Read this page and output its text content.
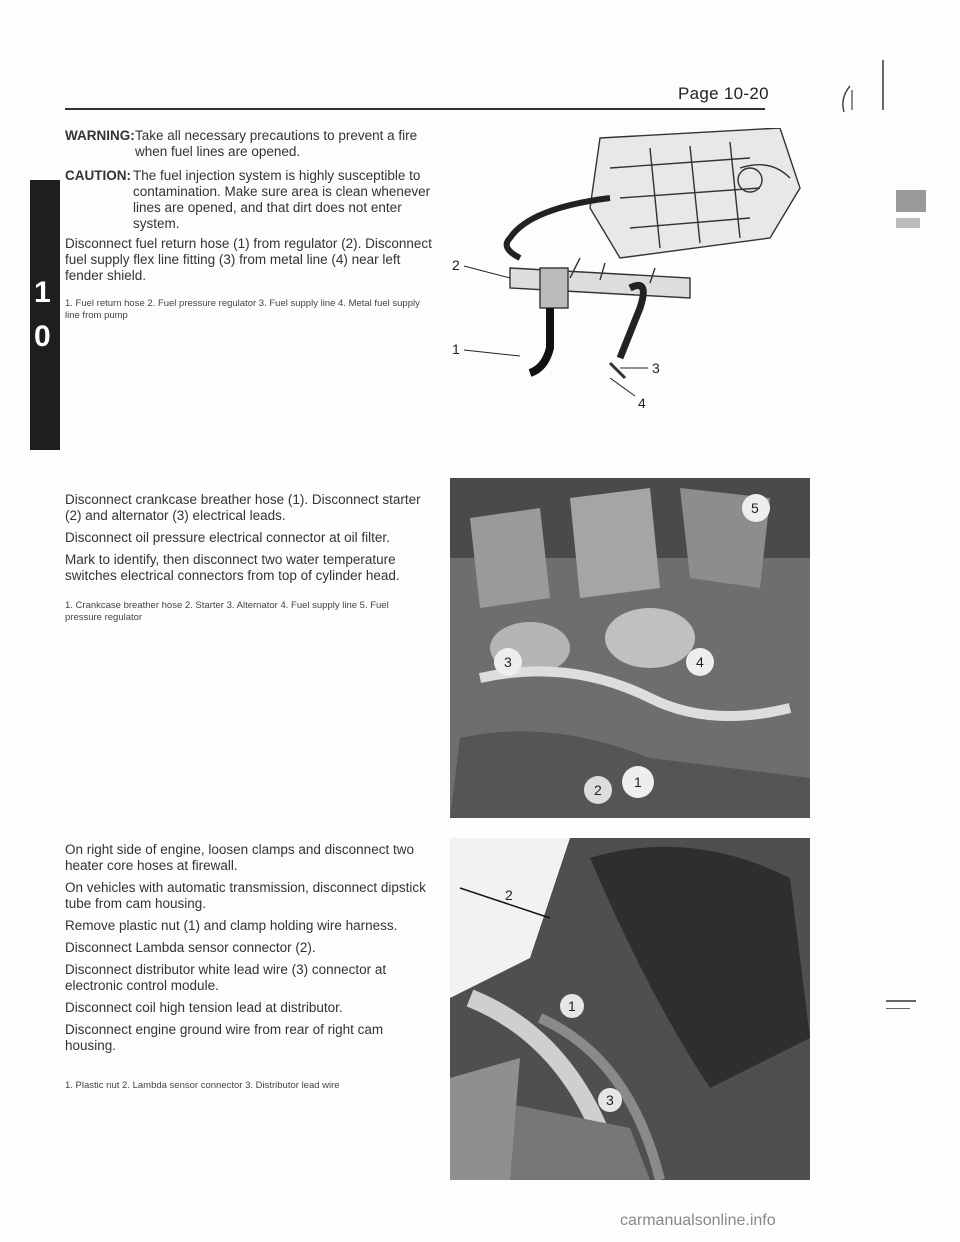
Page 10-20
1
0
WARNING: Take all necessary precautions to prevent a fire when fuel lines are opened.
CAUTION: The fuel injection system is highly susceptible to contamination. Make sure area is clean whenever lines are opened, and that dirt does not enter system.
Disconnect fuel return hose (1) from regulator (2). Disconnect fuel supply flex line fitting (3) from metal line (4) near left fender shield.
1. Fuel return hose 2. Fuel pressure regulator 3. Fuel supply line 4. Metal fuel supply line from pump
2
1
3
4
Disconnect crankcase breather hose (1). Disconnect starter (2) and alternator (3) electrical leads.
Disconnect oil pressure electrical connector at oil filter.
Mark to identify, then disconnect two water temperature switches electrical connectors from top of cylinder head.
1. Crankcase breather hose 2. Starter 3. Alternator 4. Fuel supply line 5. Fuel pressure regulator
5
3	4
1
2
On right side of engine, loosen clamps and disconnect two heater core hoses at firewall.
On vehicles with automatic transmission, disconnect dipstick tube from cam housing.
Remove plastic nut (1) and clamp holding wire harness.
Disconnect Lambda sensor connector (2).
Disconnect distributor white lead wire (3) connector at electronic control module.
Disconnect coil high tension lead at distributor.
Disconnect engine ground wire from rear of right cam housing.
1. Plastic nut 2. Lambda sensor connector 3. Distributor lead wire
2
1
3
carmanualsonline.info
